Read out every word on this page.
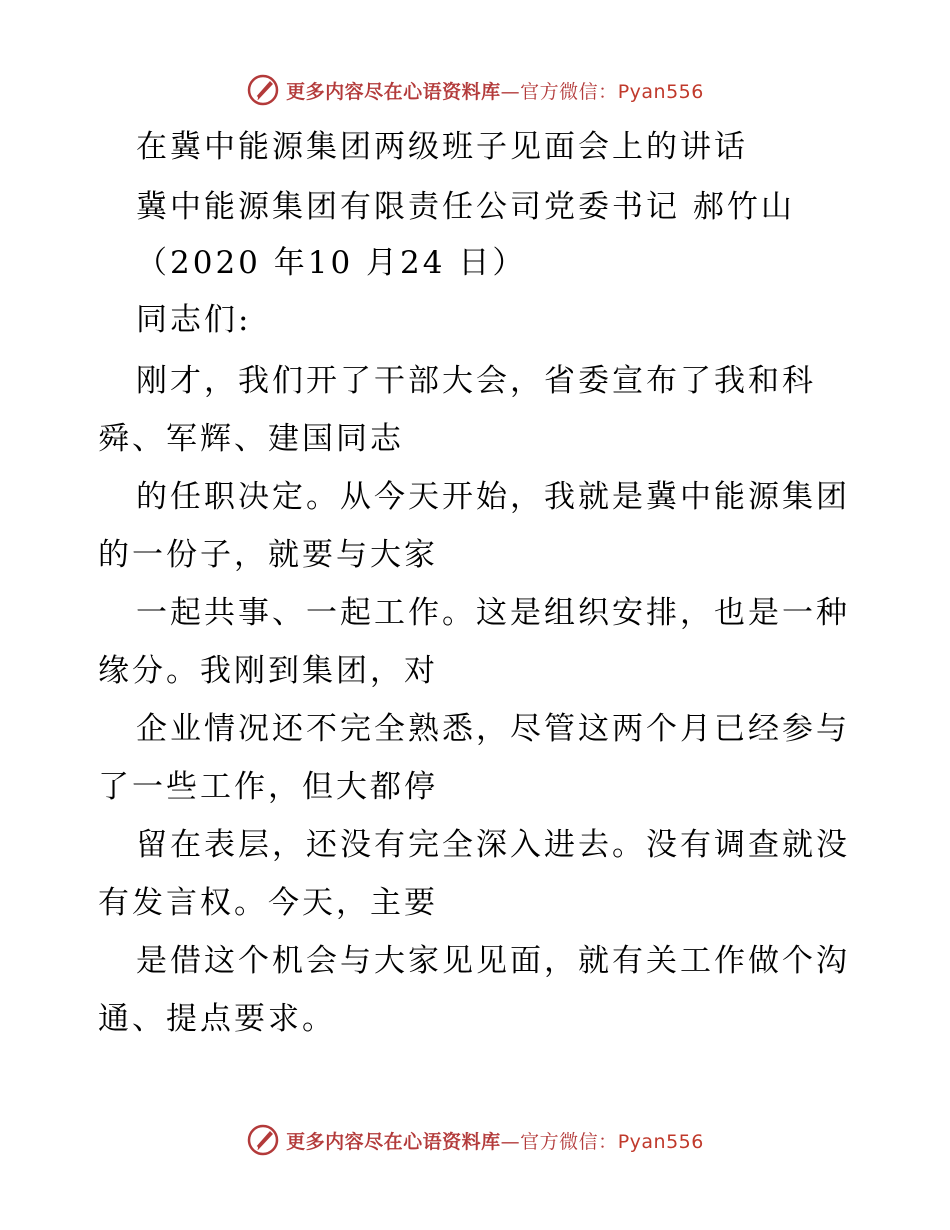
更多内容尽在心语资料库—官方微信：Pyan556
在冀中能源集团两级班子见面会上的讲话
冀中能源集团有限责任公司党委书记 郝竹山
（2020 年10 月24 日）
同志们:
刚才，我们开了干部大会，省委宣布了我和科
舜、军辉、建国同志
的任职决定。从今天开始，我就是冀中能源集团
的一份子，就要与大家
一起共事、一起工作。这是组织安排，也是一种
缘分。我刚到集团，对
企业情况还不完全熟悉，尽管这两个月已经参与
了一些工作，但大都停
留在表层，还没有完全深入进去。没有调查就没
有发言权。今天，主要
是借这个机会与大家见见面，就有关工作做个沟
通、提点要求。
更多内容尽在心语资料库—官方微信：Pyan556
